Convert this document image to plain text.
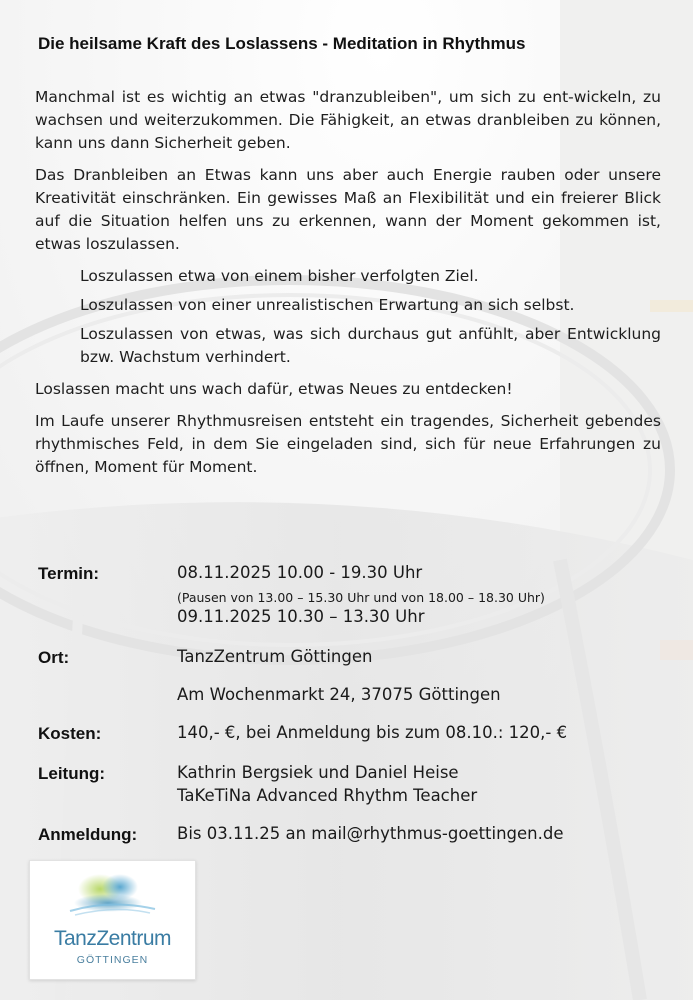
Die heilsame Kraft des Loslassens - Meditation in Rhythmus

Manchmal ist es wichtig an etwas "dranzubleiben", um sich zu ent-wickeln, zu wachsen und weiterzukommen. Die Fähigkeit, an etwas dranbleiben zu können, kann uns dann Sicherheit geben.

Das Dranbleiben an Etwas kann uns aber auch Energie rauben oder unsere Kreativität einschränken. Ein gewisses Maß an Flexibilität und ein freierer Blick auf die Situation helfen uns zu erkennen, wann der Moment gekommen ist, etwas loszulassen.

Loszulassen etwa von einem bisher verfolgten Ziel.

Loszulassen von einer unrealistischen Erwartung an sich selbst.

Loszulassen von etwas, was sich durchaus gut anfühlt, aber Entwicklung bzw. Wachstum verhindert.

Loslassen macht uns wach dafür, etwas Neues zu entdecken!

Im Laufe unserer Rhythmusreisen entsteht ein tragendes, Sicherheit gebendes rhythmisches Feld, in dem Sie eingeladen sind, sich für neue Erfahrungen zu öffnen, Moment für Moment.

Termin:	08.11.2025 10.00 - 19.30 Uhr
(Pausen von 13.00 – 15.30 Uhr und von 18.00 – 18.30 Uhr)
09.11.2025 10.30 – 13.30 Uhr
Ort:	TanzZentrum Göttingen
Am Wochenmarkt 24, 37075 Göttingen
Kosten:	140,- €, bei Anmeldung bis zum 08.10.: 120,- €
Leitung:	Kathrin Bergsiek und Daniel Heise
TaKeTiNa Advanced Rhythm Teacher
Anmeldung: Bis 03.11.25 an mail@rhythmus-goettingen.de
TanzZentrum
GÖTTINGEN
